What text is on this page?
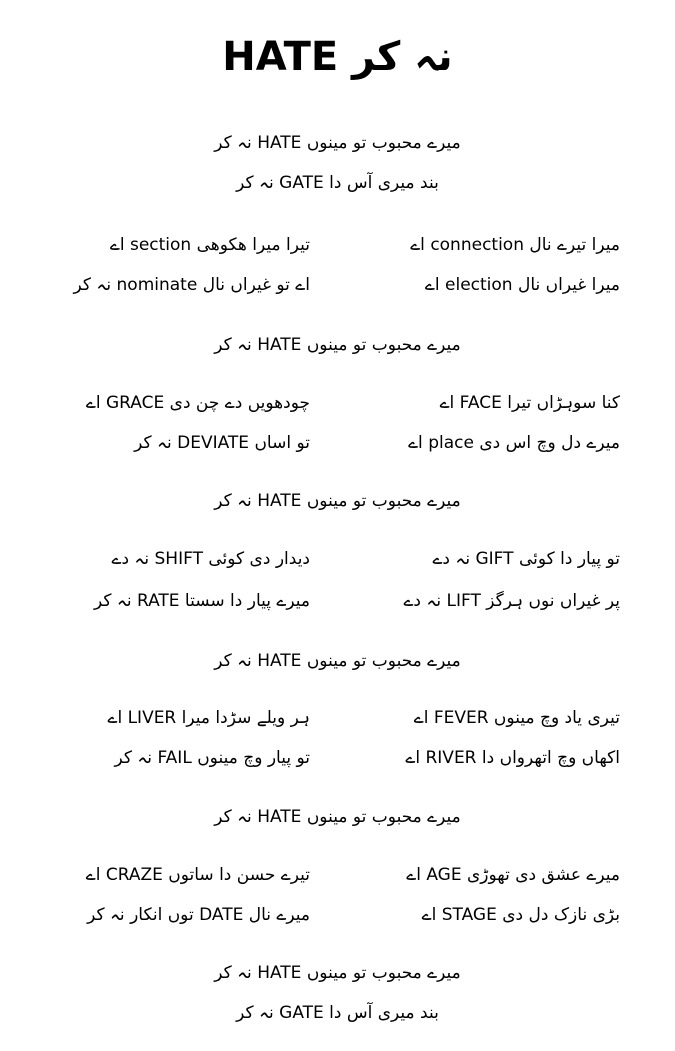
HATE نہ کر
میرے محبوب تو مینوں HATE نہ کر
بند میری آس دا GATE نہ کر
میرا تیرے نال connection اے
تیرا میرا ھکوھی section اے
میرا غیراں نال election اے
اے تو غیراں نال nominate نہ کر
میرے محبوب تو مینوں HATE نہ کر
کنا سوہڑاں تیرا FACE اے
چودھویں دے چن دی GRACE اے
میرے دل وچ اس دی place اے
تو اساں DEVIATE نہ کر
میرے محبوب تو مینوں HATE نہ کر
تو پیار دا کوئی GIFT نہ دے
دیدار دی کوئی SHIFT نہ دے
پر غیراں نوں ہرگز LIFT نہ دے
میرے پیار دا سستا RATE نہ کر
میرے محبوب تو مینوں HATE نہ کر
تیری یاد وچ مینوں FEVER اے
ہر ویلے سڑدا میرا LIVER اے
اکھاں وچ اتھرواں دا RIVER اے
تو پیار وچ مینوں FAIL نہ کر
میرے محبوب تو مینوں HATE نہ کر
میرے عشق دی تھوڑی AGE اے
تیرے حسن دا ساتوں CRAZE اے
بڑی نازک دل دی STAGE اے
میرے نال DATE توں انکار نہ کر
میرے محبوب تو مینوں HATE نہ کر
بند میری آس دا GATE نہ کر
